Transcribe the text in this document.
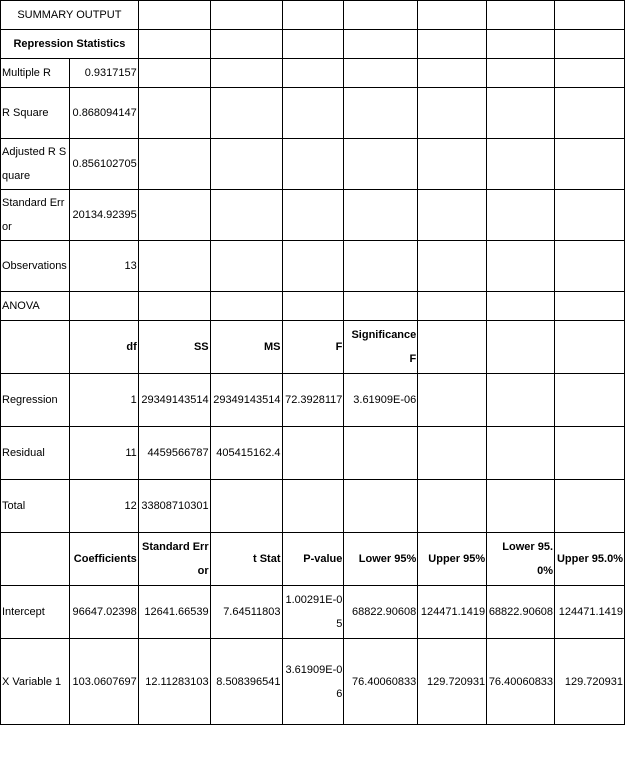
SUMMARY OUTPUT								
Repression Statistics								
Multiple R	0.9317157							
R Square	0.868094147							
Adjusted R Square	0.856102705							
Standard Error	20134.92395							
Observations	13							
ANOVA								
	df	SS	MS	F	Significance F			
Regression	1	29349143514	29349143514	72.3928117	3.61909E-06			
Residual	11	4459566787	405415162.4					
Total	12	33808710301						
	Coefficients	Standard Error	t Stat	P-value	Lower 95%	Upper 95%	Lower 95.0%	Upper 95.0%
Intercept	96647.02398	12641.66539	7.64511803	1.00291E-05	68822.90608	124471.1419	68822.90608	124471.1419
X Variable 1	103.0607697	12.11283103	8.508396541	3.61909E-06	76.40060833	129.720931	76.40060833	129.720931
